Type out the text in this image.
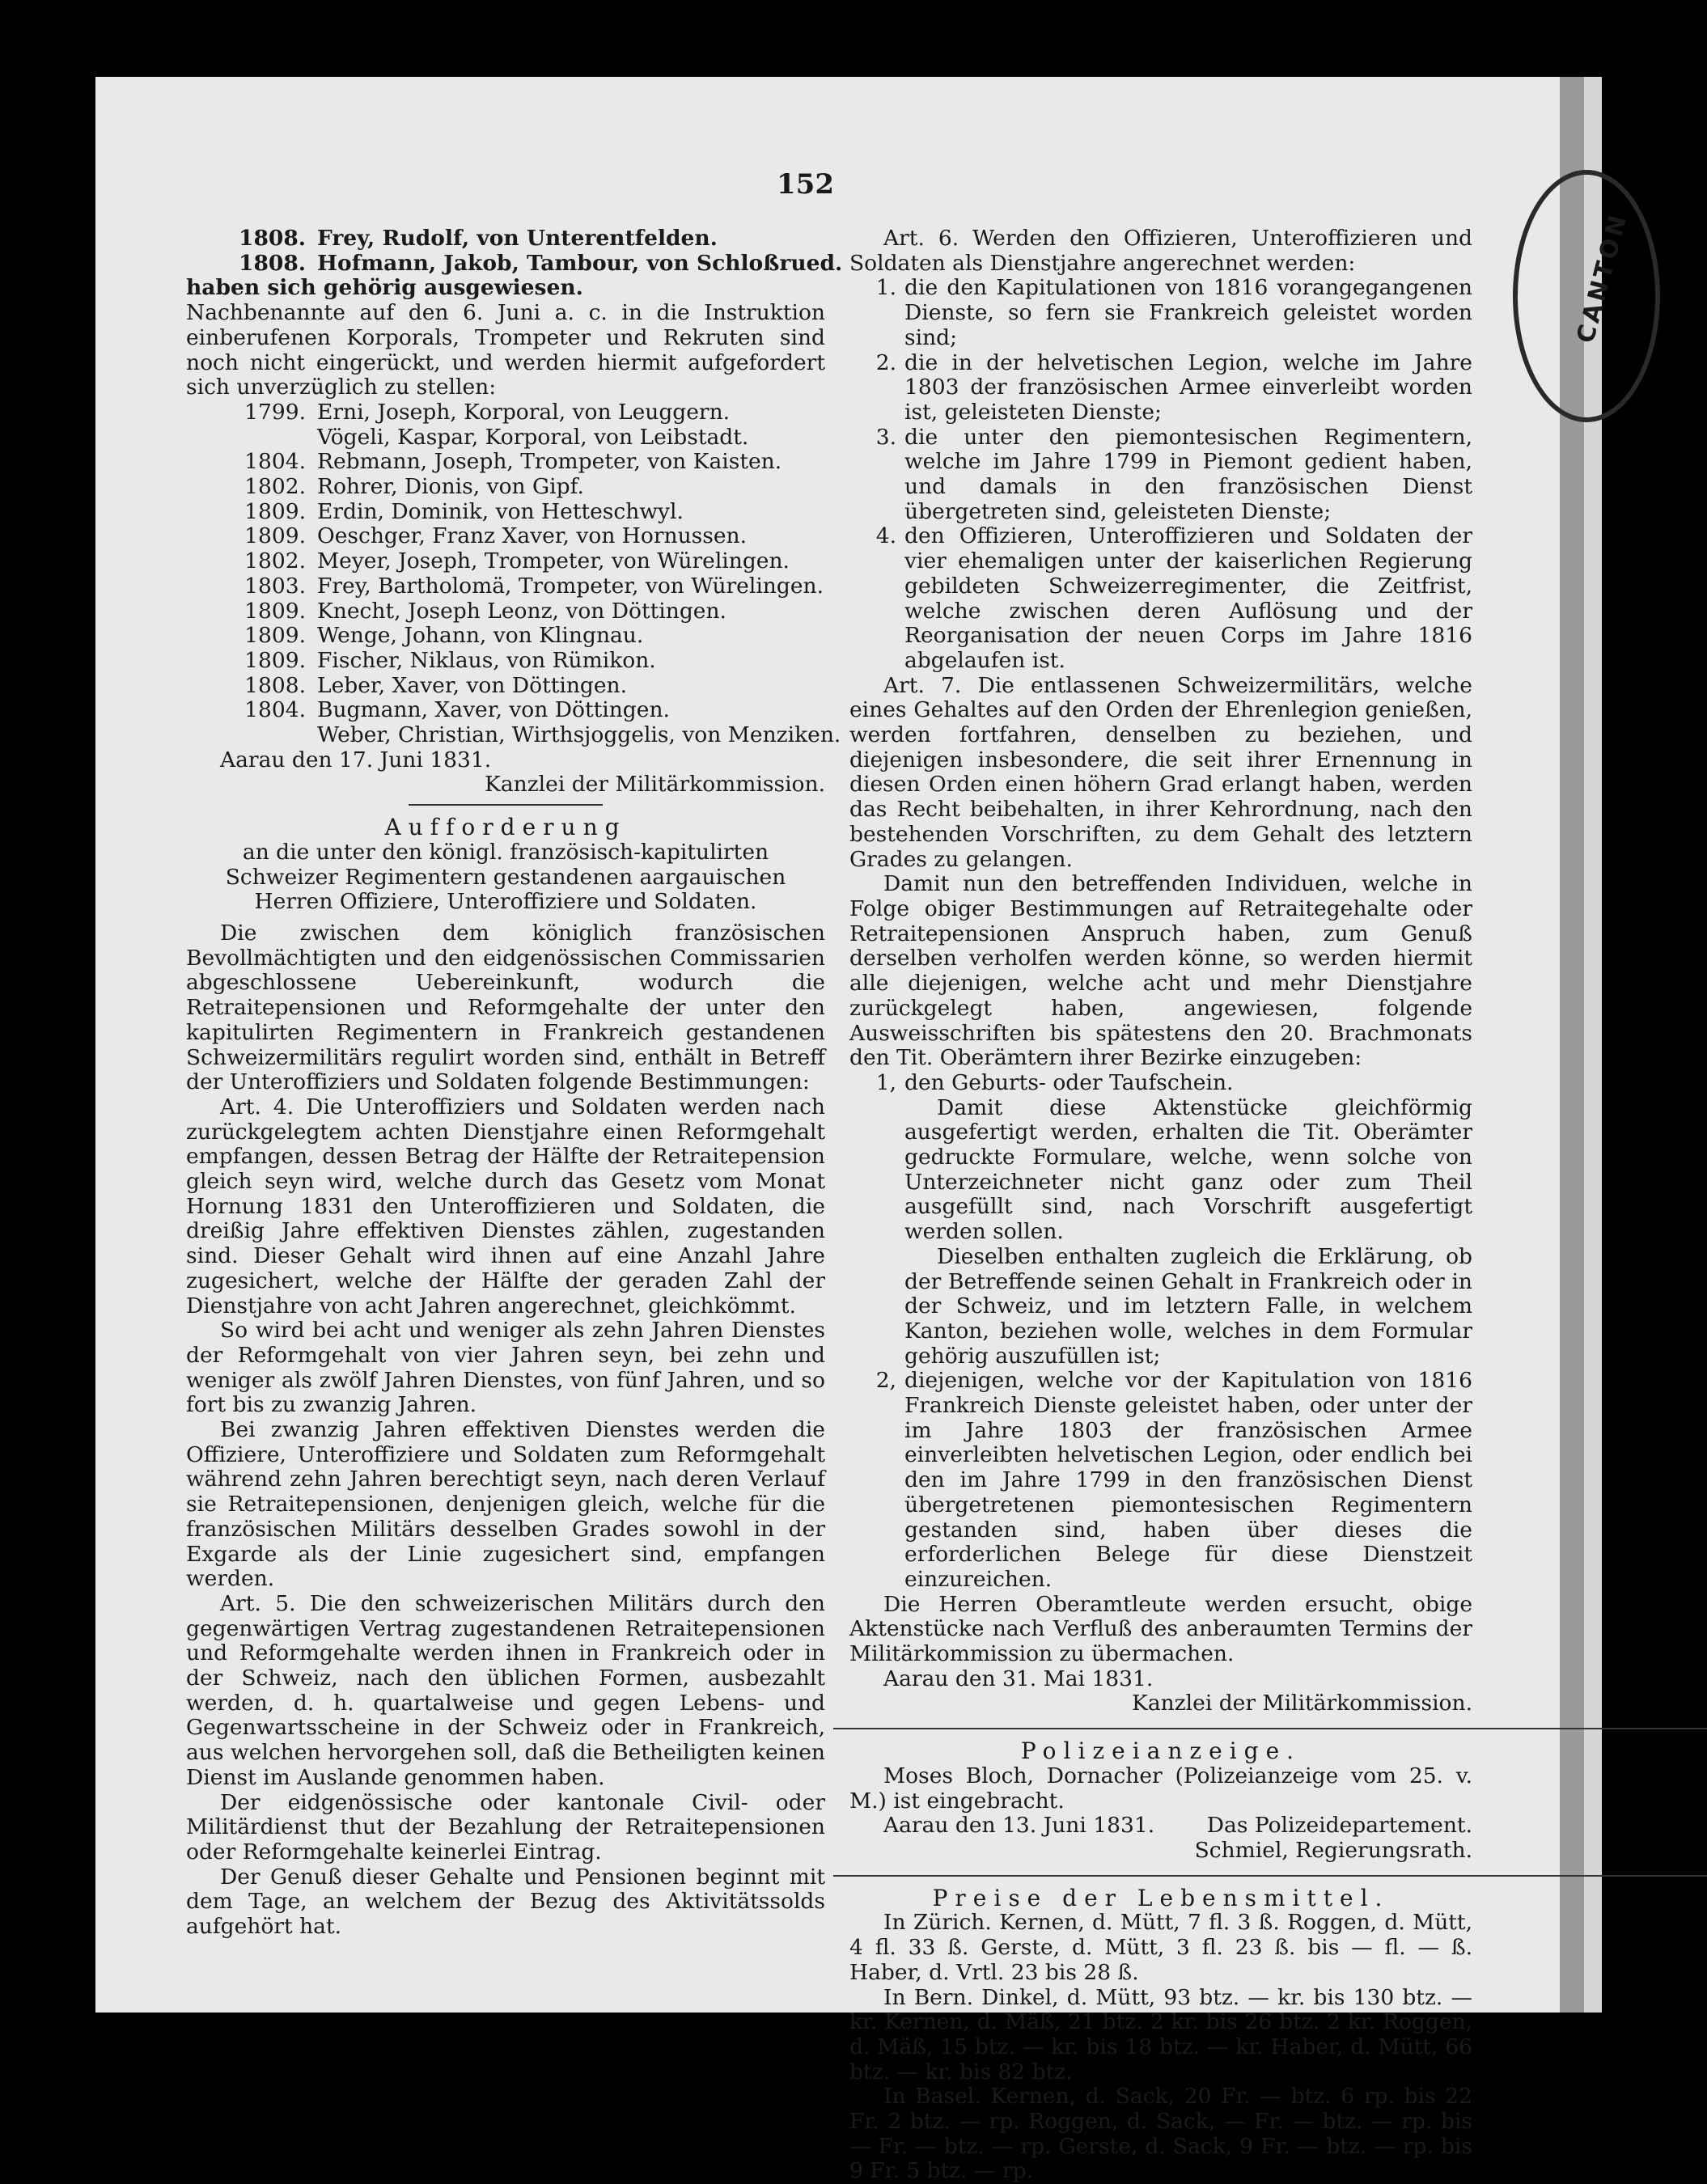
CANTON
152
1808. Frey, Rudolf, von Unterentfelden.
1808. Hofmann, Jakob, Tambour, von Schloßrued.

haben sich gehörig ausgewiesen.

Nachbenannte auf den 6. Juni a. c. in die Instruktion einberufenen Korporals, Trompeter und Rekruten sind noch nicht eingerückt, und werden hiermit aufgefordert sich unverzüglich zu stellen:

1799. Erni, Joseph, Korporal, von Leuggern.
Vögeli, Kaspar, Korporal, von Leibstadt.
1804. Rebmann, Joseph, Trompeter, von Kaisten.
1802. Rohrer, Dionis, von Gipf.
1809. Erdin, Dominik, von Hetteschwyl.
1809. Oeschger, Franz Xaver, von Hornussen.
1802. Meyer, Joseph, Trompeter, von Würelingen.
1803. Frey, Bartholomä, Trompeter, von Würelingen.
1809. Knecht, Joseph Leonz, von Döttingen.
1809. Wenge, Johann, von Klingnau.
1809. Fischer, Niklaus, von Rümikon.
1808. Leber, Xaver, von Döttingen.
1804. Bugmann, Xaver, von Döttingen.
Weber, Christian, Wirthsjoggelis, von Menziken.

Aarau den 17. Juni 1831.

Kanzlei der Militärkommission.

Aufforderung

an die unter den königl. französisch-kapitulirten Schweizer Regimentern gestandenen aargauischen Herren Offiziere, Unteroffiziere und Soldaten.

Die zwischen dem königlich französischen Bevollmächtigten und den eidgenössischen Commissarien abgeschlossene Uebereinkunft, wodurch die Retraitepensionen und Reformgehalte der unter den kapitulirten Regimentern in Frankreich gestandenen Schweizermilitärs regulirt worden sind, enthält in Betreff der Unteroffiziers und Soldaten folgende Bestimmungen:

Art. 4. Die Unteroffiziers und Soldaten werden nach zurückgelegtem achten Dienstjahre einen Reformgehalt empfangen, dessen Betrag der Hälfte der Retraitepension gleich seyn wird, welche durch das Gesetz vom Monat Hornung 1831 den Unteroffizieren und Soldaten, die dreißig Jahre effektiven Dienstes zählen, zugestanden sind. Dieser Gehalt wird ihnen auf eine Anzahl Jahre zugesichert, welche der Hälfte der geraden Zahl der Dienstjahre von acht Jahren angerechnet, gleichkömmt.

So wird bei acht und weniger als zehn Jahren Dienstes der Reformgehalt von vier Jahren seyn, bei zehn und weniger als zwölf Jahren Dienstes, von fünf Jahren, und so fort bis zu zwanzig Jahren.

Bei zwanzig Jahren effektiven Dienstes werden die Offiziere, Unteroffiziere und Soldaten zum Reformgehalt während zehn Jahren berechtigt seyn, nach deren Verlauf sie Retraitepensionen, denjenigen gleich, welche für die französischen Militärs desselben Grades sowohl in der Exgarde als der Linie zugesichert sind, empfangen werden.

Art. 5. Die den schweizerischen Militärs durch den gegenwärtigen Vertrag zugestandenen Retraitepensionen und Reformgehalte werden ihnen in Frankreich oder in der Schweiz, nach den üblichen Formen, ausbezahlt werden, d. h. quartalweise und gegen Lebens- und Gegenwartsscheine in der Schweiz oder in Frankreich, aus welchen hervorgehen soll, daß die Betheiligten keinen Dienst im Auslande genommen haben.

Der eidgenössische oder kantonale Civil- oder Militärdienst thut der Bezahlung der Retraitepensionen oder Reformgehalte keinerlei Eintrag.

Der Genuß dieser Gehalte und Pensionen beginnt mit dem Tage, an welchem der Bezug des Aktivitätssolds aufgehört hat.

Art. 6. Werden den Offizieren, Unteroffizieren und Soldaten als Dienstjahre angerechnet werden:

1. die den Kapitulationen von 1816 vorangegangenen Dienste, so fern sie Frankreich geleistet worden sind;
2. die in der helvetischen Legion, welche im Jahre 1803 der französischen Armee einverleibt worden ist, geleisteten Dienste;
3. die unter den piemontesischen Regimentern, welche im Jahre 1799 in Piemont gedient haben, und damals in den französischen Dienst übergetreten sind, geleisteten Dienste;
4. den Offizieren, Unteroffizieren und Soldaten der vier ehemaligen unter der kaiserlichen Regierung gebildeten Schweizerregimenter, die Zeitfrist, welche zwischen deren Auflösung und der Reorganisation der neuen Corps im Jahre 1816 abgelaufen ist.

Art. 7. Die entlassenen Schweizermilitärs, welche eines Gehaltes auf den Orden der Ehrenlegion genießen, werden fortfahren, denselben zu beziehen, und diejenigen insbesondere, die seit ihrer Ernennung in diesen Orden einen höhern Grad erlangt haben, werden das Recht beibehalten, in ihrer Kehrordnung, nach den bestehenden Vorschriften, zu dem Gehalt des letztern Grades zu gelangen.

Damit nun den betreffenden Individuen, welche in Folge obiger Bestimmungen auf Retraitegehalte oder Retraitepensionen Anspruch haben, zum Genuß derselben verholfen werden könne, so werden hiermit alle diejenigen, welche acht und mehr Dienstjahre zurückgelegt haben, angewiesen, folgende Ausweisschriften bis spätestens den 20. Brachmonats den Tit. Oberämtern ihrer Bezirke einzugeben:

1, den Geburts- oder Taufschein.

Damit diese Aktenstücke gleichförmig ausgefertigt werden, erhalten die Tit. Oberämter gedruckte Formulare, welche, wenn solche von Unterzeichneter nicht ganz oder zum Theil ausgefüllt sind, nach Vorschrift ausgefertigt werden sollen.

Dieselben enthalten zugleich die Erklärung, ob der Betreffende seinen Gehalt in Frankreich oder in der Schweiz, und im letztern Falle, in welchem Kanton, beziehen wolle, welches in dem Formular gehörig auszufüllen ist;

2, diejenigen, welche vor der Kapitulation von 1816 Frankreich Dienste geleistet haben, oder unter der im Jahre 1803 der französischen Armee einverleibten helvetischen Legion, oder endlich bei den im Jahre 1799 in den französischen Dienst übergetretenen piemontesischen Regimentern gestanden sind, haben über dieses die erforderlichen Belege für diese Dienstzeit einzureichen.

Die Herren Oberamtleute werden ersucht, obige Aktenstücke nach Verfluß des anberaumten Termins der Militärkommission zu übermachen.

Aarau den 31. Mai 1831.

Kanzlei der Militärkommission.

Polizeianzeige.

Moses Bloch, Dornacher (Polizeianzeige vom 25. v. M.) ist eingebracht.

Aarau den 13. Juni 1831. Das Polizeidepartement.

Schmiel, Regierungsrath.

Preise der Lebensmittel.

In Zürich. Kernen, d. Mütt, 7 fl. 3 ß. Roggen, d. Mütt, 4 fl. 33 ß. Gerste, d. Mütt, 3 fl. 23 ß. bis — fl. — ß. Haber, d. Vrtl. 23 bis 28 ß.

In Bern. Dinkel, d. Mütt, 93 btz. — kr. bis 130 btz. — kr. Kernen, d. Mäß, 21 btz. 2 kr. bis 26 btz. 2 kr. Roggen, d. Mäß, 15 btz. — kr. bis 18 btz. — kr. Haber, d. Mütt, 66 btz. — kr. bis 82 btz.

In Basel. Kernen, d. Sack, 20 Fr. — btz. 6 rp. bis 22 Fr. 2 btz. — rp. Roggen, d. Sack, — Fr. — btz. — rp. bis — Fr. — btz. — rp. Gerste, d. Sack, 9 Fr. — btz. — rp. bis 9 Fr. 5 btz. — rp.
